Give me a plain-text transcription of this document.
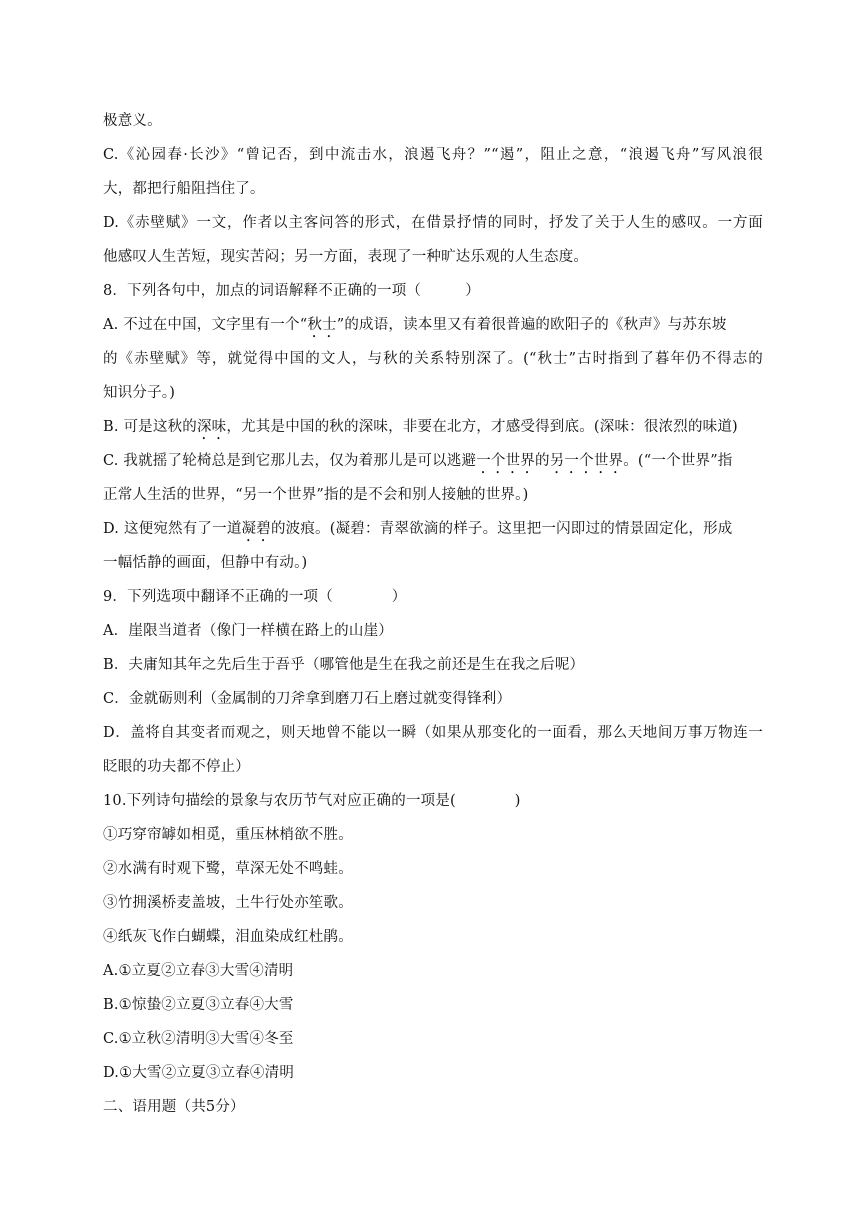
极意义。
C.《沁园春·长沙》“曾记否，到中流击水，浪遏飞舟？”“遏”，阻止之意，“浪遏飞舟”写风浪很
大，都把行船阻挡住了。
D.《赤壁赋》一文，作者以主客问答的形式，在借景抒情的同时，抒发了关于人生的感叹。一方面
他感叹人生苦短，现实苦闷；另一方面，表现了一种旷达乐观的人生态度。
8．下列各句中，加点的词语解释不正确的一项（　　　）
A. 不过在中国，文字里有一个“秋士”的成语，读本里又有着很普遍的欧阳子的《秋声》与苏东坡
的《赤壁赋》等，就觉得中国的文人，与秋的关系特别深了。(“秋士”古时指到了暮年仍不得志的
知识分子。)
B. 可是这秋的深味，尤其是中国的秋的深味，非要在北方，才感受得到底。(深味：很浓烈的味道)
C. 我就摇了轮椅总是到它那儿去，仅为着那儿是可以逃避一个世界的另一个世界。(“一个世界”指
正常人生活的世界，“另一个世界”指的是不会和别人接触的世界。)
D. 这便宛然有了一道凝碧的波痕。(凝碧：青翠欲滴的样子。这里把一闪即过的情景固定化，形成
一幅恬静的画面，但静中有动。)
9．下列选项中翻译不正确的一项（　　　　）
A．崖限当道者（像门一样横在路上的山崖）
B．夫庸知其年之先后生于吾乎（哪管他是生在我之前还是生在我之后呢）
C．金就砺则利（金属制的刀斧拿到磨刀石上磨过就变得锋利）
D．盖将自其变者而观之，则天地曾不能以一瞬（如果从那变化的一面看，那么天地间万事万物连一
眨眼的功夫都不停止）
10.下列诗句描绘的景象与农历节气对应正确的一项是(　　　　)
①巧穿帘罅如相觅，重压林梢欲不胜。
②水满有时观下鹭，草深无处不鸣蛙。
③竹拥溪桥麦盖坡，土牛行处亦笙歌。
④纸灰飞作白蝴蝶，泪血染成红杜鹃。
A.①立夏②立春③大雪④清明
B.①惊蛰②立夏③立春④大雪
C.①立秋②清明③大雪④冬至
D.①大雪②立夏③立春④清明
二、语用题（共5分）
